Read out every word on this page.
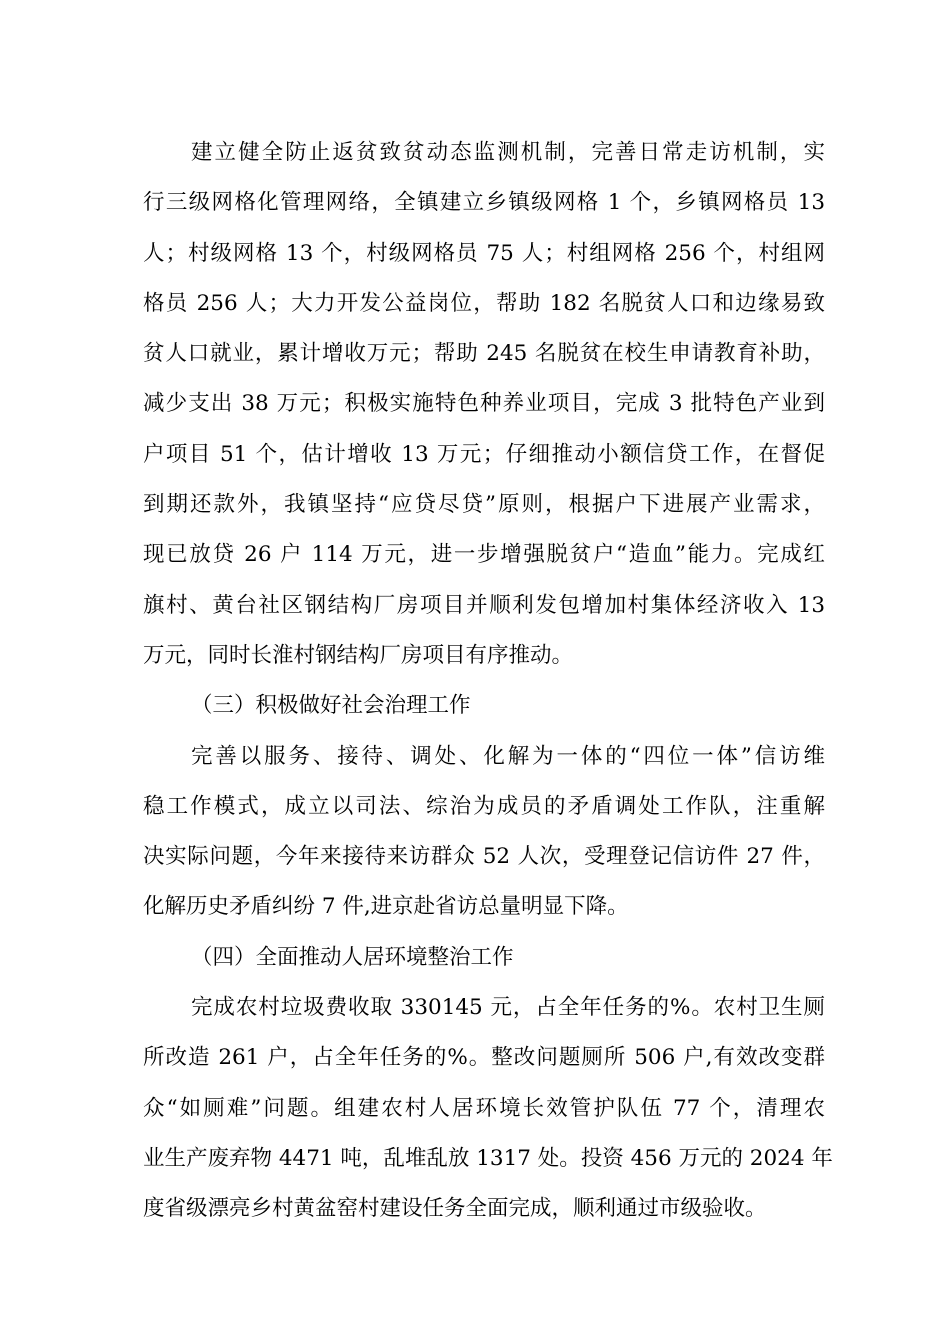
建立健全防止返贫致贫动态监测机制，完善日常走访机制，实
行三级网格化管理网络，全镇建立乡镇级网格 1 个，乡镇网格员 13
人；村级网格 13 个，村级网格员 75 人；村组网格 256 个，村组网
格员 256 人；大力开发公益岗位，帮助 182 名脱贫人口和边缘易致
贫人口就业，累计增收万元；帮助 245 名脱贫在校生申请教育补助，
减少支出 38 万元；积极实施特色种养业项目，完成 3 批特色产业到
户项目 51 个，估计增收 13 万元；仔细推动小额信贷工作，在督促
到期还款外，我镇坚持“应贷尽贷”原则，根据户下进展产业需求，
现已放贷 26 户 114 万元，进一步增强脱贫户“造血”能力。完成红
旗村、黄台社区钢结构厂房项目并顺利发包增加村集体经济收入 13
万元，同时长淮村钢结构厂房项目有序推动。
（三）积极做好社会治理工作
完善以服务、接待、调处、化解为一体的“四位一体”信访维
稳工作模式，成立以司法、综治为成员的矛盾调处工作队，注重解
决实际问题，今年来接待来访群众 52 人次，受理登记信访件 27 件，
化解历史矛盾纠纷 7 件,进京赴省访总量明显下降。
（四）全面推动人居环境整治工作
完成农村垃圾费收取 330145 元，占全年任务的%。农村卫生厕
所改造 261 户，占全年任务的%。整改问题厕所 506 户,有效改变群
众“如厕难”问题。组建农村人居环境长效管护队伍 77 个，清理农
业生产废弃物 4471 吨，乱堆乱放 1317 处。投资 456 万元的 2024 年
度省级漂亮乡村黄盆窑村建设任务全面完成，顺利通过市级验收。
